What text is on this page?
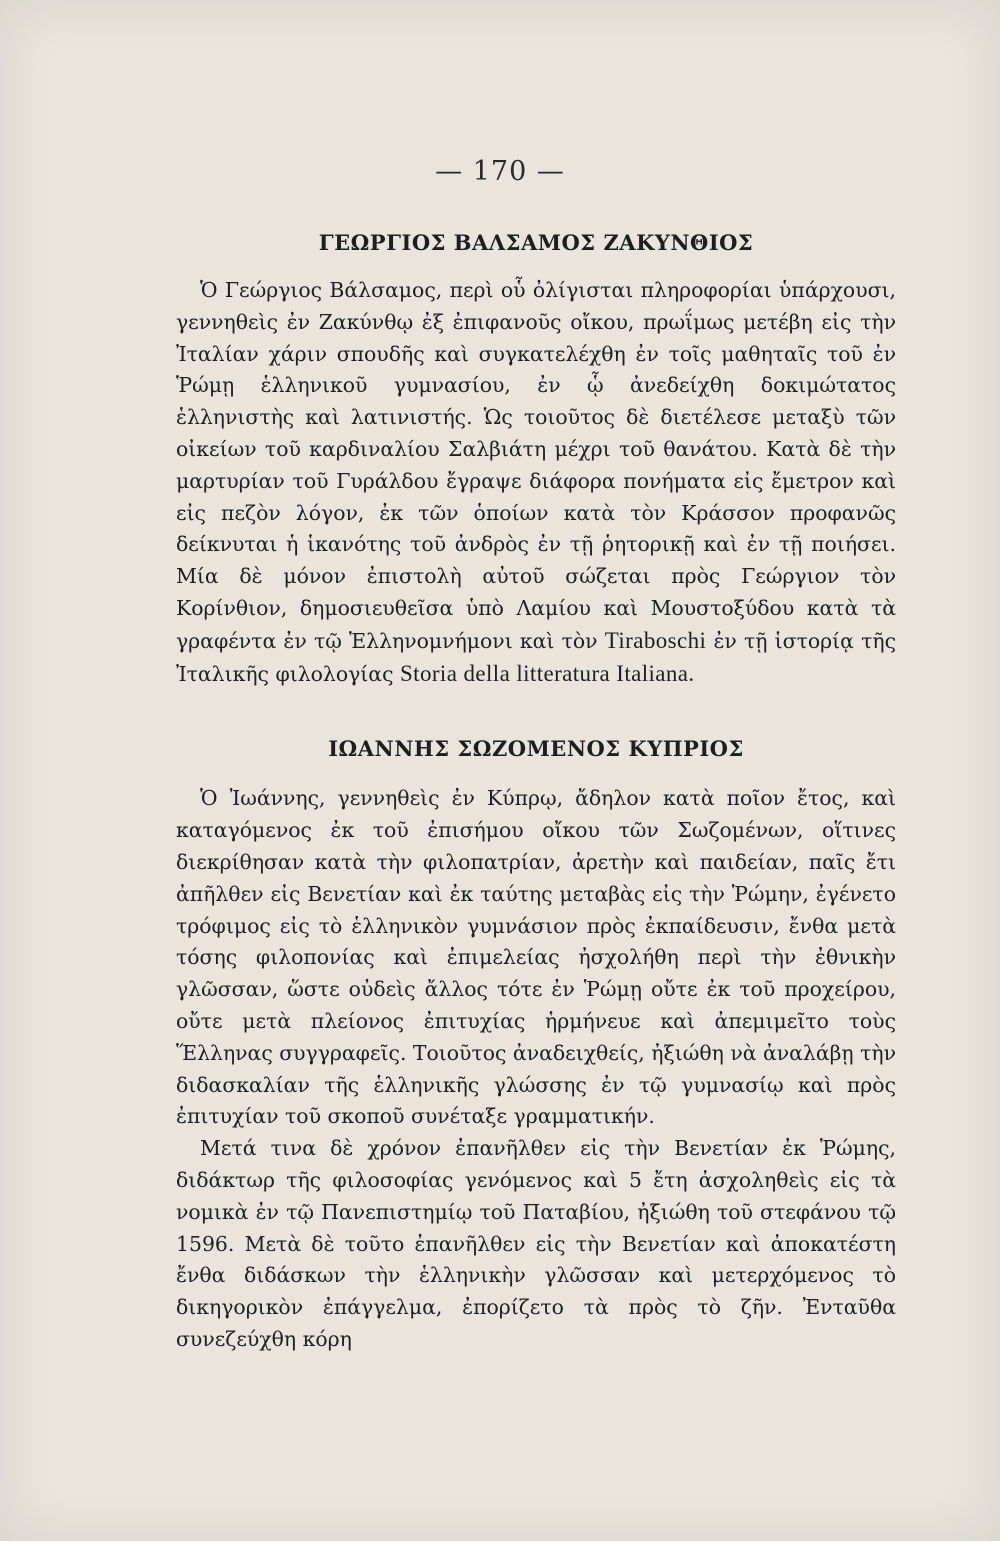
— 170 —
ΓΕΩΡΓΙΟΣ ΒΑΛΣΑΜΟΣ ΖΑΚΥΝΘΙΟΣ

Ὁ Γεώργιος Βάλσαμος, περὶ οὗ ὀλίγισται πληροφορίαι ὑπάρχουσι, γεννηθεὶς ἐν Ζακύνθῳ ἐξ ἐπιφανοῦς οἴκου, πρωΐμως μετέβη εἰς τὴν Ἰταλίαν χάριν σπουδῆς καὶ συγκατελέχθη ἐν τοῖς μαθηταῖς τοῦ ἐν Ῥώμῃ ἑλληνικοῦ γυμνασίου, ἐν ᾧ ἀνεδείχθη δοκιμώτατος ἑλληνιστὴς καὶ λατινιστής. Ὡς τοιοῦτος δὲ διετέλεσε μεταξὺ τῶν οἰκείων τοῦ καρδιναλίου Σαλβιάτη μέχρι τοῦ θανάτου. Κατὰ δὲ τὴν μαρτυρίαν τοῦ Γυράλδου ἔγραψε διάφορα πονήματα εἰς ἔμετρον καὶ εἰς πεζὸν λόγον, ἐκ τῶν ὁποίων κατὰ τὸν Κράσσον προφανῶς δείκνυται ἡ ἱκανότης τοῦ ἀνδρὸς ἐν τῇ ῥητορικῇ καὶ ἐν τῇ ποιήσει. Μία δὲ μόνον ἐπιστολὴ αὐτοῦ σώζεται πρὸς Γεώργιον τὸν Κορίνθιον, δημοσιευθεῖσα ὑπὸ Λαμίου καὶ Μουστοξύδου κατὰ τὰ γραφέντα ἐν τῷ Ἑλληνομνήμονι καὶ τὸν Tiraboschi ἐν τῇ ἱστορίᾳ τῆς Ἰταλικῆς φιλολογίας Storia della litteratura Italiana.

ΙΩΑΝΝΗΣ ΣΩΖΟΜΕΝΟΣ ΚΥΠΡΙΟΣ

Ὁ Ἰωάννης, γεννηθεὶς ἐν Κύπρῳ, ἄδηλον κατὰ ποῖον ἔτος, καὶ καταγόμενος ἐκ τοῦ ἐπισήμου οἴκου τῶν Σωζομένων, οἵτινες διεκρίθησαν κατὰ τὴν φιλοπατρίαν, ἀρετὴν καὶ παιδείαν, παῖς ἔτι ἀπῆλθεν εἰς Βενετίαν καὶ ἐκ ταύτης μεταβὰς εἰς τὴν Ῥώμην, ἐγένετο τρόφιμος εἰς τὸ ἑλληνικὸν γυμνάσιον πρὸς ἐκπαίδευσιν, ἔνθα μετὰ τόσης φιλοπονίας καὶ ἐπιμελείας ἠσχολήθη περὶ τὴν ἐθνικὴν γλῶσσαν, ὥστε οὐδεὶς ἄλλος τότε ἐν Ῥώμῃ οὔτε ἐκ τοῦ προχείρου, οὔτε μετὰ πλείονος ἐπιτυχίας ἡρμήνευε καὶ ἀπεμιμεῖτο τοὺς Ἕλληνας συγγραφεῖς. Τοιοῦτος ἀναδειχθείς, ἠξιώθη νὰ ἀναλάβῃ τὴν διδασκαλίαν τῆς ἑλληνικῆς γλώσσης ἐν τῷ γυμνασίῳ καὶ πρὸς ἐπιτυχίαν τοῦ σκοποῦ συνέταξε γραμματικήν.

Μετά τινα δὲ χρόνον ἐπανῆλθεν εἰς τὴν Βενετίαν ἐκ Ῥώμης, διδάκτωρ τῆς φιλοσοφίας γενόμενος καὶ 5 ἔτη ἀσχοληθεὶς εἰς τὰ νομικὰ ἐν τῷ Πανεπιστημίῳ τοῦ Παταβίου, ἠξιώθη τοῦ στεφάνου τῷ 1596. Μετὰ δὲ τοῦτο ἐπανῆλθεν εἰς τὴν Βενετίαν καὶ ἀποκατέστη ἔνθα διδάσκων τὴν ἑλληνικὴν γλῶσσαν καὶ μετερχόμενος τὸ δικηγορικὸν ἐπάγγελμα, ἐπορίζετο τὰ πρὸς τὸ ζῆν. Ἐνταῦθα συνεζεύχθη κόρη
